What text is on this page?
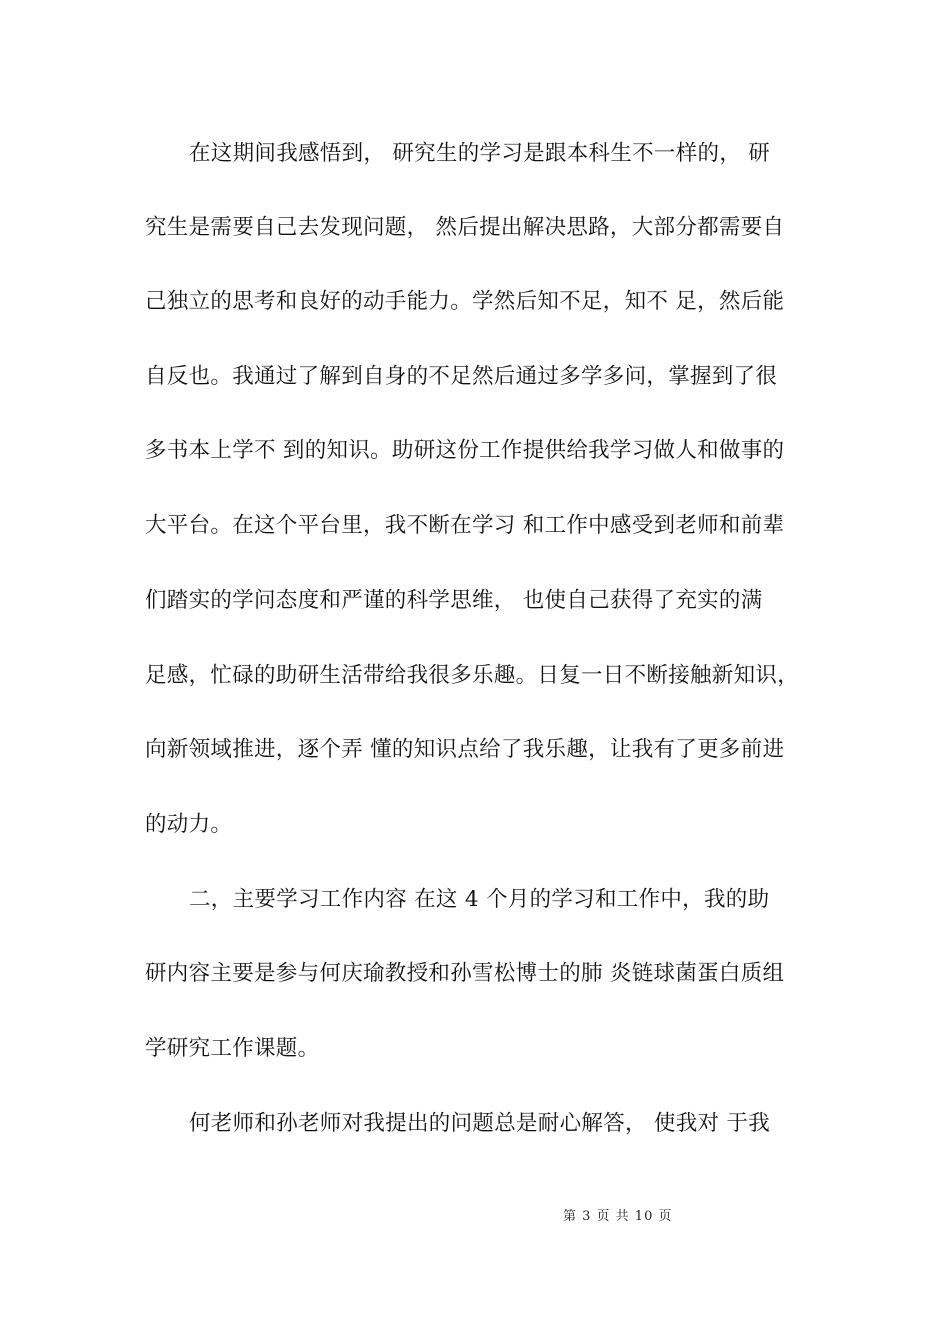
在这期间我感悟到， 研究生的学习是跟本科生不一样的， 研
究生是需要自己去发现问题， 然后提出解决思路，大部分都需要自
己独立的思考和良好的动手能力。学然后知不足，知不 足，然后能
自反也。我通过了解到自身的不足然后通过多学多问，掌握到了很
多书本上学不 到的知识。助研这份工作提供给我学习做人和做事的
大平台。在这个平台里，我不断在学习 和工作中感受到老师和前辈
们踏实的学问态度和严谨的科学思维， 也使自己获得了充实的满
足感，忙碌的助研生活带给我很多乐趣。日复一日不断接触新知识，
向新领域推进，逐个弄 懂的知识点给了我乐趣，让我有了更多前进
的动力。
二，主要学习工作内容 在这 4 个月的学习和工作中，我的助
研内容主要是参与何庆瑜教授和孙雪松博士的肺 炎链球菌蛋白质组
学研究工作课题。
何老师和孙老师对我提出的问题总是耐心解答， 使我对 于我
第 3 页 共 10 页
